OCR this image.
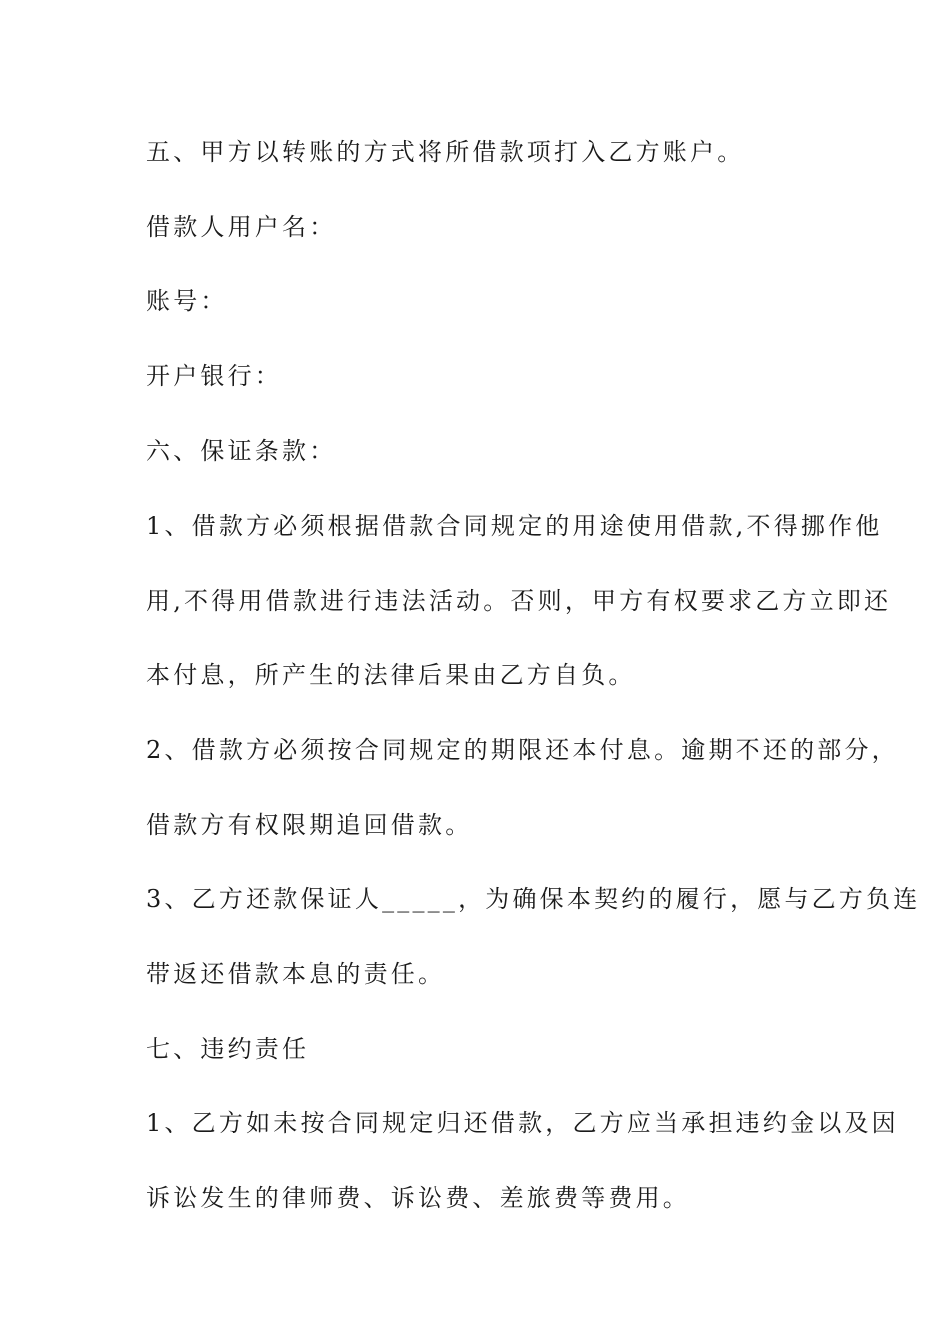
五、甲方以转账的方式将所借款项打入乙方账户。
借款人用户名：
账号：
开户银行：
六、保证条款：
1、借款方必须根据借款合同规定的用途使用借款,不得挪作他
用,不得用借款进行违法活动。否则，甲方有权要求乙方立即还
本付息，所产生的法律后果由乙方自负。
2、借款方必须按合同规定的期限还本付息。逾期不还的部分，
借款方有权限期追回借款。
3、乙方还款保证人_____，为确保本契约的履行，愿与乙方负连
带返还借款本息的责任。
七、违约责任
1、乙方如未按合同规定归还借款，乙方应当承担违约金以及因
诉讼发生的律师费、诉讼费、差旅费等费用。
